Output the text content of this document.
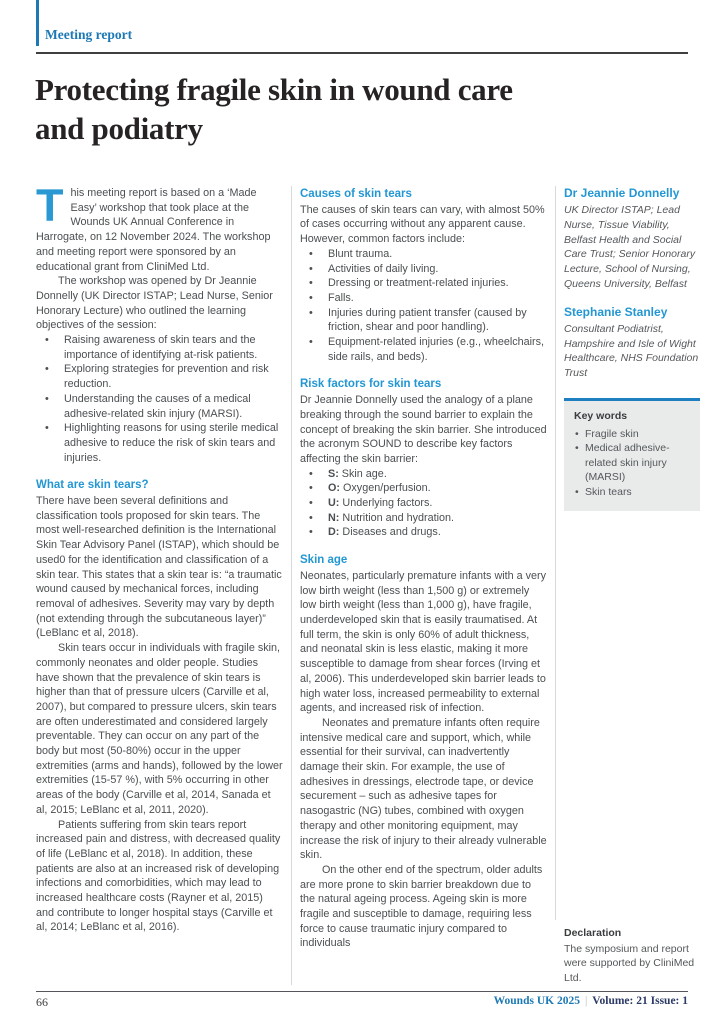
Meeting report
Protecting fragile skin in wound care
and podiatry

This meeting report is based on a ‘Made Easy’ workshop that took place at the Wounds UK Annual Conference in Harrogate, on 12 November 2024. The workshop and meeting report were sponsored by an educational grant from CliniMed Ltd.

The workshop was opened by Dr Jeannie Donnelly (UK Director ISTAP; Lead Nurse, Senior Honorary Lecture) who outlined the learning objectives of the session:

• Raising awareness of skin tears and the importance of identifying at-risk patients.
• Exploring strategies for prevention and risk reduction.
• Understanding the causes of a medical adhesive-related skin injury (MARSI).
• Highlighting reasons for using sterile medical adhesive to reduce the risk of skin tears and injuries.
What are skin tears?

There have been several definitions and classification tools proposed for skin tears. The most well-researched definition is the International Skin Tear Advisory Panel (ISTAP), which should be used0 for the identification and classification of a skin tear. This states that a skin tear is: “a traumatic wound caused by mechanical forces, including removal of adhesives. Severity may vary by depth (not extending through the subcutaneous layer)” (LeBlanc et al, 2018).

Skin tears occur in individuals with fragile skin, commonly neonates and older people. Studies have shown that the prevalence of skin tears is higher than that of pressure ulcers (Carville et al, 2007), but compared to pressure ulcers, skin tears are often underestimated and considered largely preventable. They can occur on any part of the body but most (50-80%) occur in the upper extremities (arms and hands), followed by the lower extremities (15-57 %), with 5% occurring in other areas of the body (Carville et al, 2014, Sanada et al, 2015; LeBlanc et al, 2011, 2020).

Patients suffering from skin tears report increased pain and distress, with decreased quality of life (LeBlanc et al, 2018). In addition, these patients are also at an increased risk of developing infections and comorbidities, which may lead to increased healthcare costs (Rayner et al, 2015) and contribute to longer hospital stays (Carville et al, 2014; LeBlanc et al, 2016).

Causes of skin tears

The causes of skin tears can vary, with almost 50% of cases occurring without any apparent cause. However, common factors include:

• Blunt trauma.
• Activities of daily living.
• Dressing or treatment-related injuries.
• Falls.
• Injuries during patient transfer (caused by friction, shear and poor handling).
• Equipment-related injuries (e.g., wheelchairs, side rails, and beds).
Risk factors for skin tears

Dr Jeannie Donnelly used the analogy of a plane breaking through the sound barrier to explain the concept of breaking the skin barrier. She introduced the acronym SOUND to describe key factors affecting the skin barrier:

• S: Skin age.
• O: Oxygen/perfusion.
• U: Underlying factors.
• N: Nutrition and hydration.
• D: Diseases and drugs.
Skin age

Neonates, particularly premature infants with a very low birth weight (less than 1,500 g) or extremely low birth weight (less than 1,000 g), have fragile, underdeveloped skin that is easily traumatised. At full term, the skin is only 60% of adult thickness, and neonatal skin is less elastic, making it more susceptible to damage from shear forces (Irving et al, 2006). This underdeveloped skin barrier leads to high water loss, increased permeability to external agents, and increased risk of infection.

Neonates and premature infants often require intensive medical care and support, which, while essential for their survival, can inadvertently damage their skin. For example, the use of adhesives in dressings, electrode tape, or device securement – such as adhesive tapes for nasogastric (NG) tubes, combined with oxygen therapy and other monitoring equipment, may increase the risk of injury to their already vulnerable skin.

On the other end of the spectrum, older adults are more prone to skin barrier breakdown due to the natural ageing process. Ageing skin is more fragile and susceptible to damage, requiring less force to cause traumatic injury compared to individuals

Dr Jeannie Donnelly
UK Director ISTAP; Lead Nurse, Tissue Viability, Belfast Health and Social Care Trust; Senior Honorary Lecture, School of Nursing, Queens University, Belfast
Stephanie Stanley
Consultant Podiatrist, Hampshire and Isle of Wight Healthcare, NHS Foundation Trust
Key words
• Fragile skin
• Medical adhesive-related skin injury (MARSI)
• Skin tears
Declaration
The symposium and report were supported by CliniMed Ltd.
66	Wounds UK 2025 | Volume: 21 Issue: 1
